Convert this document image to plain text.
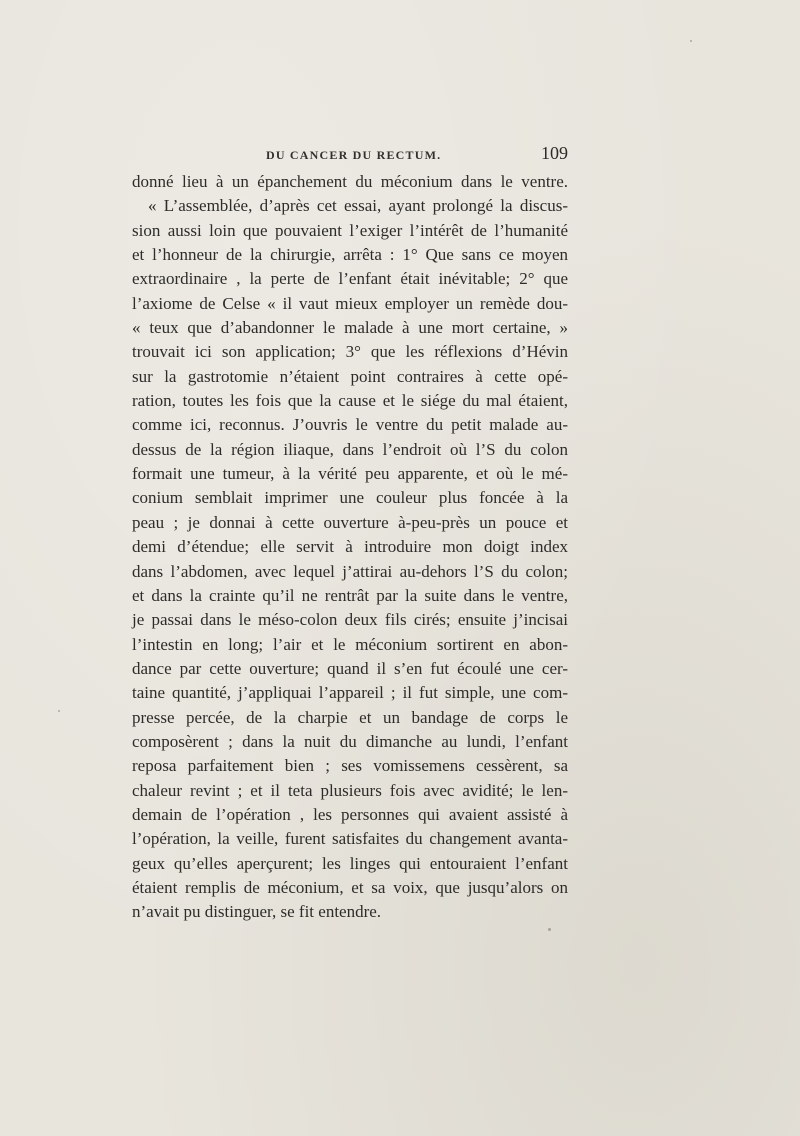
DU CANCER DU RECTUM.	109
donné lieu à un épanchement du méconium dans le ventre.
« L’assemblée, d’après cet essai, ayant prolongé la discus-
sion aussi loin que pouvaient l’exiger l’intérêt de l’humanité
et l’honneur de la chirurgie, arrêta : 1° Que sans ce moyen
extraordinaire , la perte de l’enfant était inévitable; 2° que
l’axiome de Celse « il vaut mieux employer un remède dou-
« teux que d’abandonner le malade à une mort certaine, »
trouvait ici son application; 3° que les réflexions d’Hévin
sur la gastrotomie n’étaient point contraires à cette opé-
ration, toutes les fois que la cause et le siége du mal étaient,
comme ici, reconnus. J’ouvris le ventre du petit malade au-
dessus de la région iliaque, dans l’endroit où l’S du colon
formait une tumeur, à la vérité peu apparente, et où le mé-
conium semblait imprimer une couleur plus foncée à la
peau ; je donnai à cette ouverture à-peu-près un pouce et
demi d’étendue; elle servit à introduire mon doigt index
dans l’abdomen, avec lequel j’attirai au-dehors l’S du colon;
et dans la crainte qu’il ne rentrât par la suite dans le ventre,
je passai dans le méso-colon deux fils cirés; ensuite j’incisai
l’intestin en long; l’air et le méconium sortirent en abon-
dance par cette ouverture; quand il s’en fut écoulé une cer-
taine quantité, j’appliquai l’appareil ; il fut simple, une com-
presse percée, de la charpie et un bandage de corps le
composèrent ; dans la nuit du dimanche au lundi, l’enfant
reposa parfaitement bien ; ses vomissemens cessèrent, sa
chaleur revint ; et il teta plusieurs fois avec avidité; le len-
demain de l’opération , les personnes qui avaient assisté à
l’opération, la veille, furent satisfaites du changement avanta-
geux qu’elles aperçurent; les linges qui entouraient l’enfant
étaient remplis de méconium, et sa voix, que jusqu’alors on
n’avait pu distinguer, se fit entendre.
